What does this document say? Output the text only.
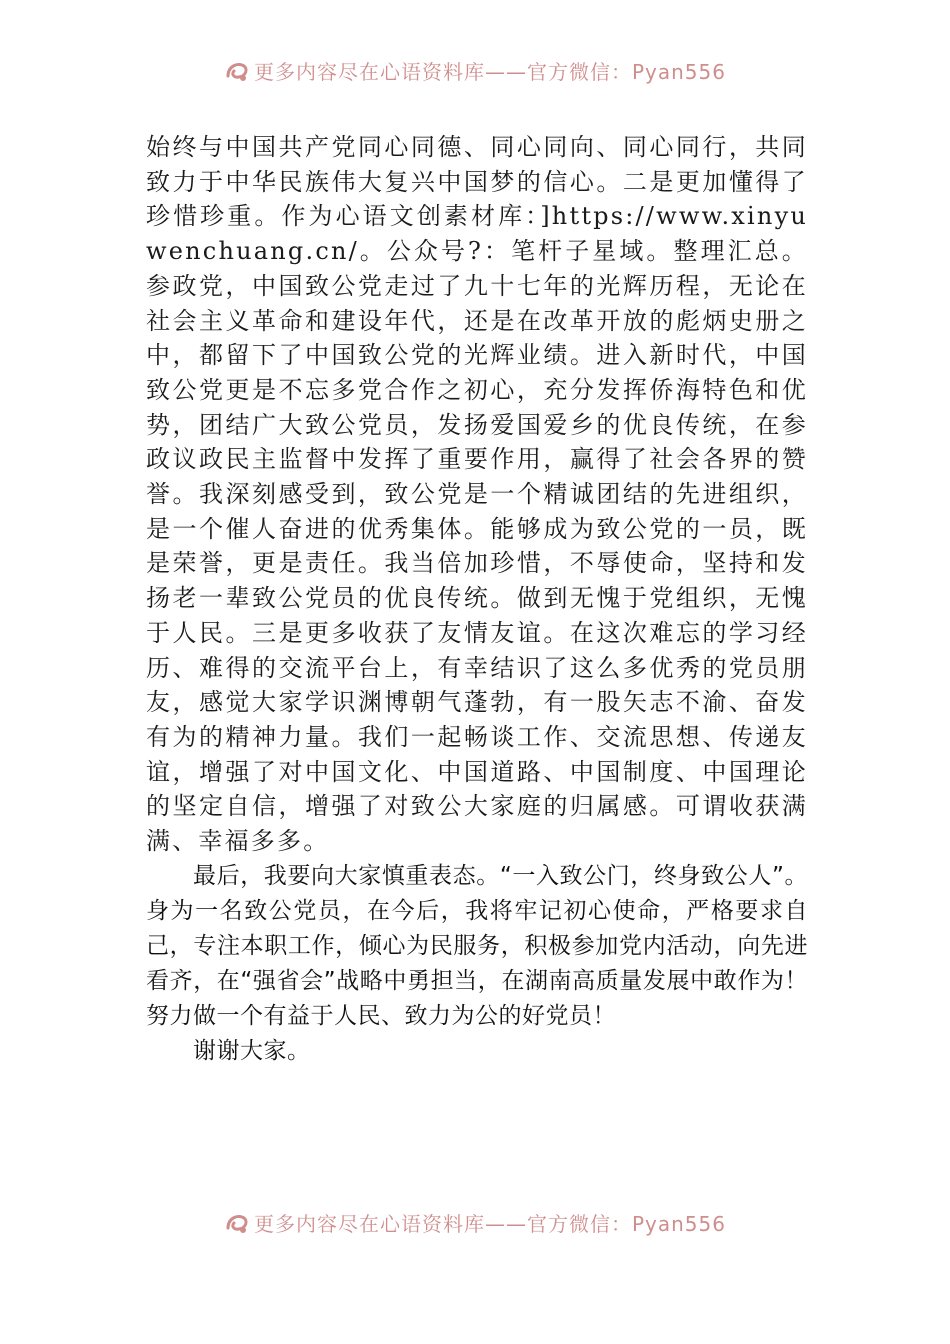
更多内容尽在心语资料库——官方微信：Pyan556

始终与中国共产党同心同德、同心同向、同心同行，共同致力于中华民族伟大复兴中国梦的信心。二是更加懂得了珍惜珍重。作为心语文创素材库：]https://www.xinyuwenchuang.cn/。公众号?：笔杆子星域。整理汇总。参政党，中国致公党走过了九十七年的光辉历程，无论在社会主义革命和建设年代，还是在改革开放的彪炳史册之中，都留下了中国致公党的光辉业绩。进入新时代，中国致公党更是不忘多党合作之初心，充分发挥侨海特色和优势，团结广大致公党员，发扬爱国爱乡的优良传统，在参政议政民主监督中发挥了重要作用，赢得了社会各界的赞誉。我深刻感受到，致公党是一个精诚团结的先进组织，是一个催人奋进的优秀集体。能够成为致公党的一员，既是荣誉，更是责任。我当倍加珍惜，不辱使命，坚持和发扬老一辈致公党员的优良传统。做到无愧于党组织，无愧于人民。三是更多收获了友情友谊。在这次难忘的学习经历、难得的交流平台上，有幸结识了这么多优秀的党员朋友，感觉大家学识渊博朝气蓬勃，有一股矢志不渝、奋发有为的精神力量。我们一起畅谈工作、交流思想、传递友谊，增强了对中国文化、中国道路、中国制度、中国理论的坚定自信，增强了对致公大家庭的归属感。可谓收获满满、幸福多多。

最后，我要向大家慎重表态。“一入致公门，终身致公人”。身为一名致公党员，在今后，我将牢记初心使命，严格要求自己，专注本职工作，倾心为民服务，积极参加党内活动，向先进看齐，在“强省会”战略中勇担当，在湖南高质量发展中敢作为！努力做一个有益于人民、致力为公的好党员！

谢谢大家。

更多内容尽在心语资料库——官方微信：Pyan556
